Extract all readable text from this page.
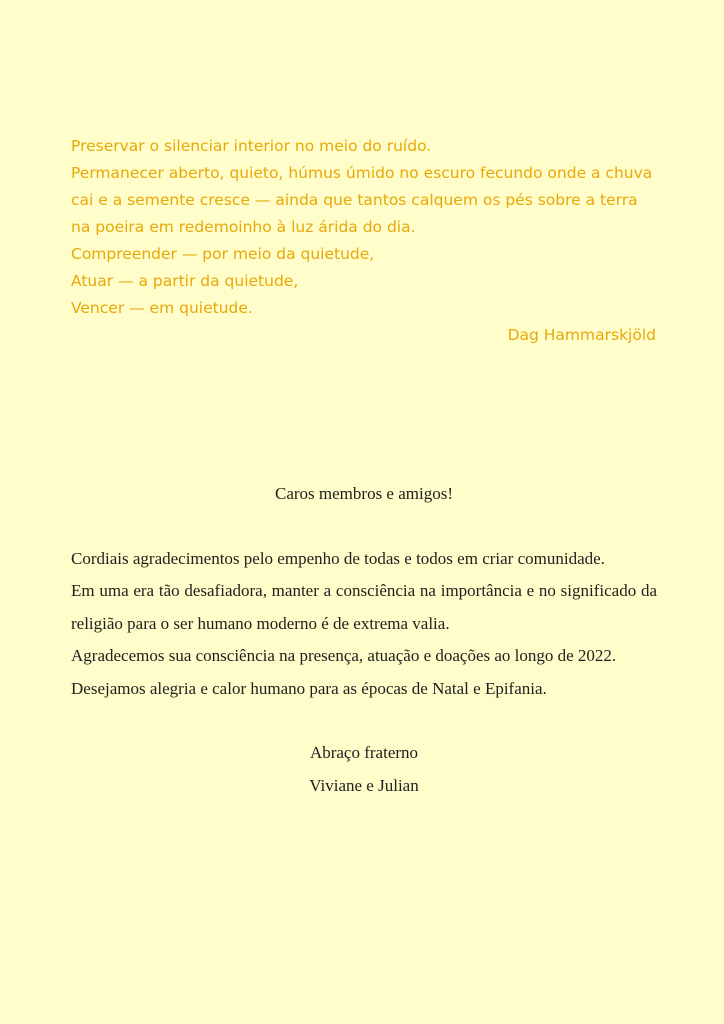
Preservar o silenciar interior no meio do ruído.
Permanecer aberto, quieto, húmus úmido no escuro fecundo onde a chuva cai e a semente cresce — ainda que tantos calquem os pés sobre a terra na poeira em redemoinho à luz árida do dia.
Compreender — por meio da quietude,
Atuar — a partir da quietude,
Vencer — em quietude.
Dag Hammarskjöld
Caros membros e amigos!
Cordiais agradecimentos pelo empenho de todas e todos em criar comunidade.
Em uma era tão desafiadora, manter a consciência na importância e no significado da religião para o ser humano moderno é de extrema valia.
Agradecemos sua consciência na presença, atuação e doações ao longo de 2022.
Desejamos alegria e calor humano para as épocas de Natal e Epifania.
Abraço fraterno
Viviane e Julian
